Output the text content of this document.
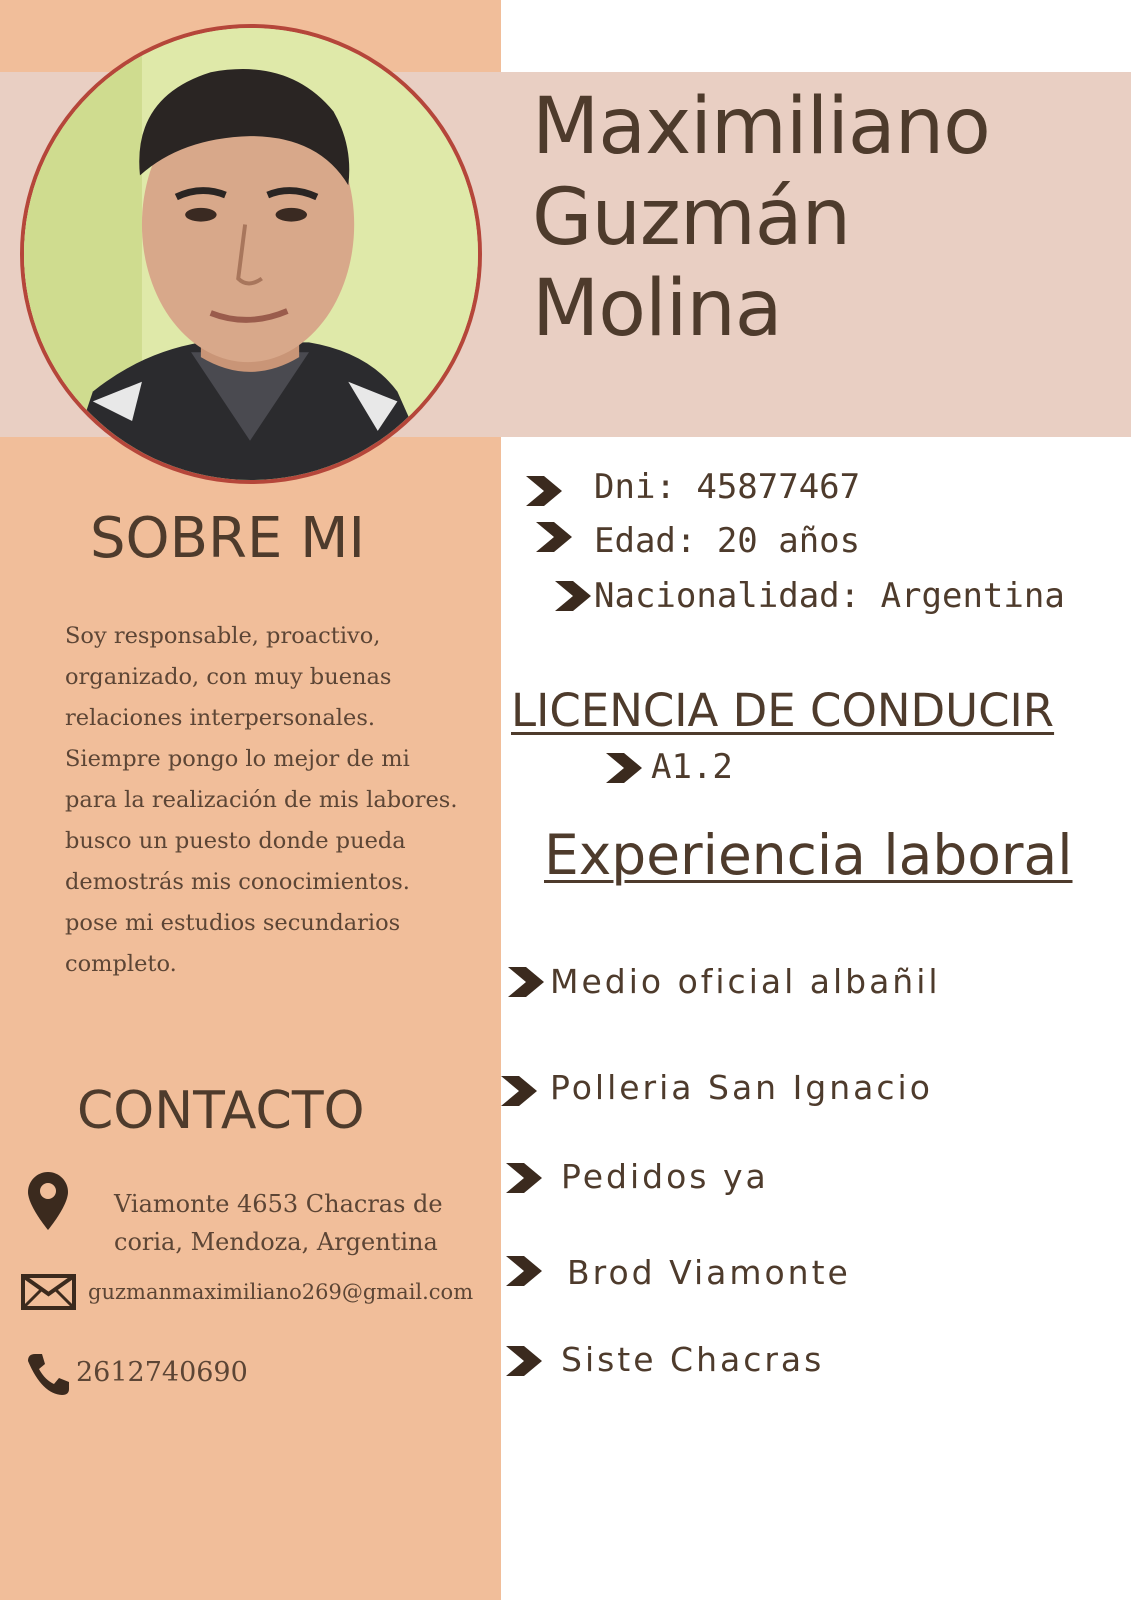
Maximiliano
Guzmán
Molina
SOBRE MI

Soy responsable, proactivo, organizado, con muy buenas relaciones interpersonales. Siempre pongo lo mejor de mi para la realización de mis labores. busco un puesto donde pueda demostrás mis conocimientos. pose mi estudios secundarios completo.

CONTACTO
Viamonte 4653 Chacras de
coria, Mendoza, Argentina
guzmanmaximiliano269@gmail.com
2612740690
Dni: 45877467
Edad: 20 años
Nacionalidad: Argentina
LICENCIA DE CONDUCIR
A1.2
Experiencia laboral
Medio oficial albañil
Polleria San Ignacio
Pedidos ya
Brod Viamonte
Siste Chacras
